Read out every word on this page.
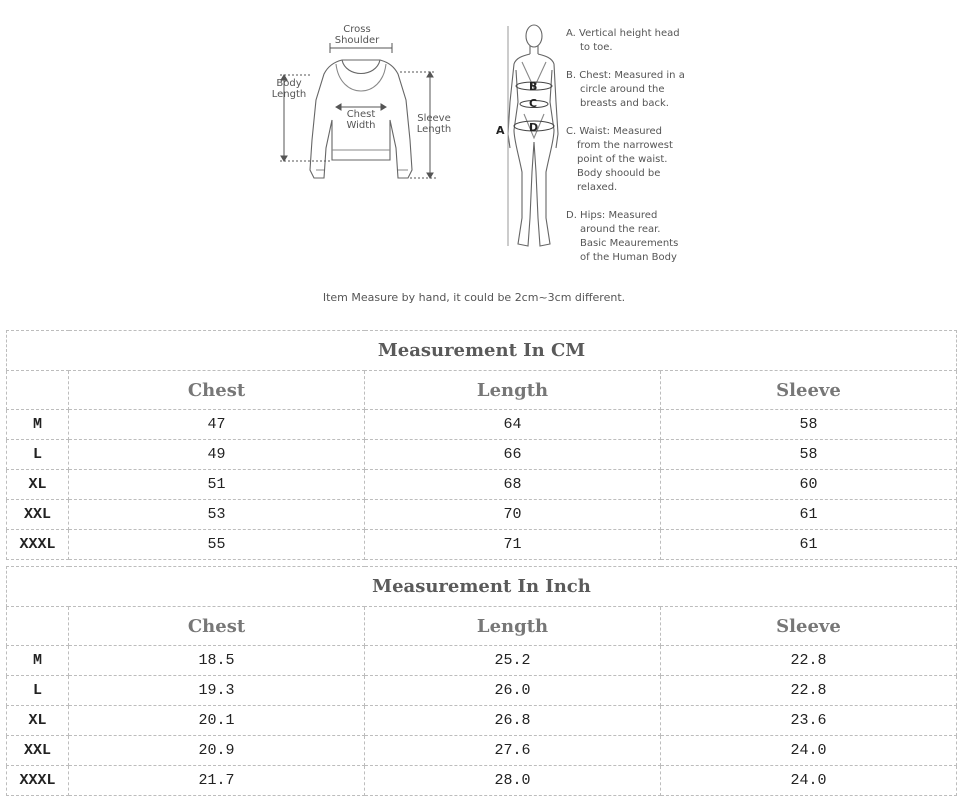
Cross
Shoulder
Body
Length
Chest
Width
Sleeve
Length	A
B
C
D
A. Vertical height head
to toe.
B. Chest: Measured in a
circle around the
breasts and back.
C. Waist: Measured
from the narrowest
point of the waist.
Body shoould be
relaxed.
D. Hips: Measured
around the rear.
Basic Meaurements
of the Human Body
Item Measure by hand, it could be 2cm~3cm different.
Measurement In CM			
	Chest	Length	Sleeve
M	47	64	58
L	49	66	58
XL	51	68	60
XXL	53	70	61
XXXL	55	71	61
Measurement In Inch			
	Chest	Length	Sleeve
M	18.5	25.2	22.8
L	19.3	26.0	22.8
XL	20.1	26.8	23.6
XXL	20.9	27.6	24.0
XXXL	21.7	28.0	24.0
